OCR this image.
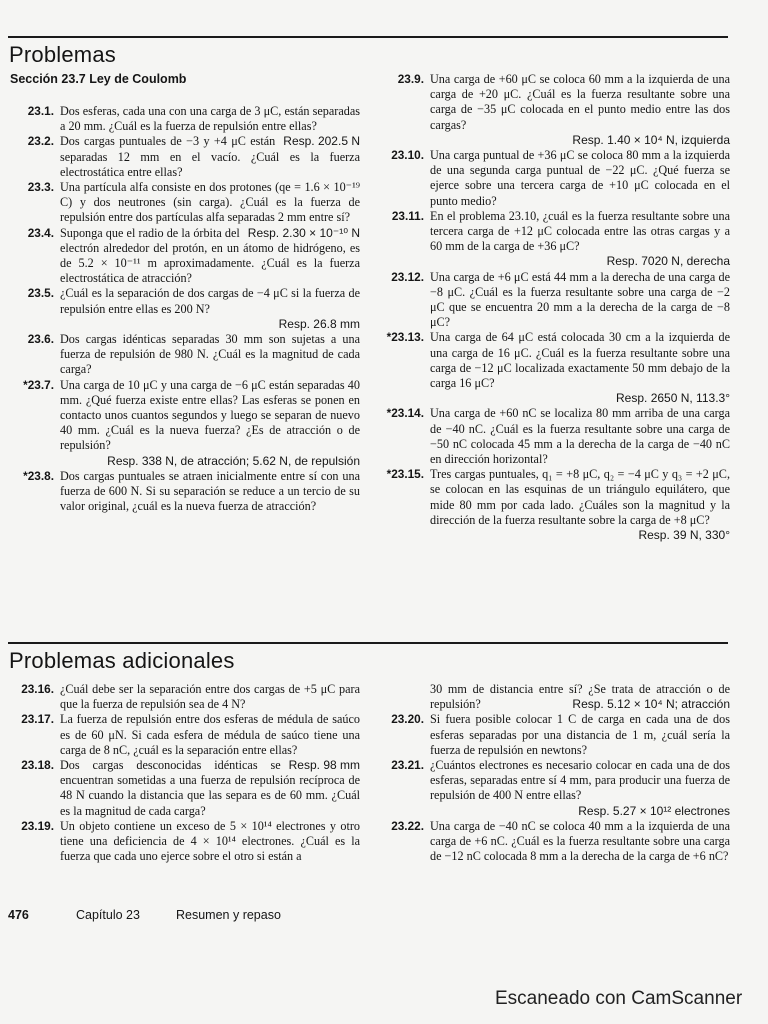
Problemas
Sección 23.7 Ley de Coulomb
23.1. Dos esferas, cada una con una carga de 3 μC, están separadas a 20 mm. ¿Cuál es la fuerza de repulsión entre ellas?
Resp. 202.5 N
23.2. Dos cargas puntuales de −3 y +4 μC están separadas 12 mm en el vacío. ¿Cuál es la fuerza electrostática entre ellas?
23.3. Una partícula alfa consiste en dos protones (qe = 1.6 × 10⁻¹⁹ C) y dos neutrones (sin carga). ¿Cuál es la fuerza de repulsión entre dos partículas alfa separadas 2 mm entre sí?
Resp. 2.30 × 10⁻¹⁰ N
23.4. Suponga que el radio de la órbita del electrón alrededor del protón, en un átomo de hidrógeno, es de 5.2 × 10⁻¹¹ m aproximadamente. ¿Cuál es la fuerza electrostática de atracción?
23.5. ¿Cuál es la separación de dos cargas de −4 μC si la fuerza de repulsión entre ellas es 200 N?
Resp. 26.8 mm
23.6. Dos cargas idénticas separadas 30 mm son sujetas a una fuerza de repulsión de 980 N. ¿Cuál es la magnitud de cada carga?
*23.7. Una carga de 10 μC y una carga de −6 μC están separadas 40 mm. ¿Qué fuerza existe entre ellas? Las esferas se ponen en contacto unos cuantos segundos y luego se separan de nuevo 40 mm. ¿Cuál es la nueva fuerza? ¿Es de atracción o de repulsión?
Resp. 338 N, de atracción; 5.62 N, de repulsión
*23.8. Dos cargas puntuales se atraen inicialmente entre sí con una fuerza de 600 N. Si su separación se reduce a un tercio de su valor original, ¿cuál es la nueva fuerza de atracción?
23.9. Una carga de +60 μC se coloca 60 mm a la izquierda de una carga de +20 μC. ¿Cuál es la fuerza resultante sobre una carga de −35 μC colocada en el punto medio entre las dos cargas?
Resp. 1.40 × 10⁴ N, izquierda
23.10. Una carga puntual de +36 μC se coloca 80 mm a la izquierda de una segunda carga puntual de −22 μC. ¿Qué fuerza se ejerce sobre una tercera carga de +10 μC colocada en el punto medio?
23.11. En el problema 23.10, ¿cuál es la fuerza resultante sobre una tercera carga de +12 μC colocada entre las otras cargas y a 60 mm de la carga de +36 μC?
Resp. 7020 N, derecha
23.12. Una carga de +6 μC está 44 mm a la derecha de una carga de −8 μC. ¿Cuál es la fuerza resultante sobre una carga de −2 μC que se encuentra 20 mm a la derecha de la carga de −8 μC?
*23.13. Una carga de 64 μC está colocada 30 cm a la izquierda de una carga de 16 μC. ¿Cuál es la fuerza resultante sobre una carga de −12 μC localizada exactamente 50 mm debajo de la carga 16 μC?
Resp. 2650 N, 113.3°
*23.14. Una carga de +60 nC se localiza 80 mm arriba de una carga de −40 nC. ¿Cuál es la fuerza resultante sobre una carga de −50 nC colocada 45 mm a la derecha de la carga de −40 nC en dirección horizontal?
*23.15. Tres cargas puntuales, q₁ = +8 μC, q₂ = −4 μC y q₃ = +2 μC, se colocan en las esquinas de un triángulo equilátero, que mide 80 mm por cada lado. ¿Cuáles son la magnitud y la dirección de la fuerza resultante sobre la carga de +8 μC?
Resp. 39 N, 330°
Problemas adicionales
23.16. ¿Cuál debe ser la separación entre dos cargas de +5 μC para que la fuerza de repulsión sea de 4 N?
23.17. La fuerza de repulsión entre dos esferas de médula de saúco es de 60 μN. Si cada esfera de médula de saúco tiene una carga de 8 nC, ¿cuál es la separación entre ellas?
Resp. 98 mm
23.18. Dos cargas desconocidas idénticas se encuentran sometidas a una fuerza de repulsión recíproca de 48 N cuando la distancia que las separa es de 60 mm. ¿Cuál es la magnitud de cada carga?
23.19. Un objeto contiene un exceso de 5 × 10¹⁴ electrones y otro tiene una deficiencia de 4 × 10¹⁴ electrones. ¿Cuál es la fuerza que cada uno ejerce sobre el otro si están a
30 mm de distancia entre sí? ¿Se trata de atracción o de repulsión?	Resp. 5.12 × 10⁴ N; atracción
23.20. Si fuera posible colocar 1 C de carga en cada una de dos esferas separadas por una distancia de 1 m, ¿cuál sería la fuerza de repulsión en newtons?
23.21. ¿Cuántos electrones es necesario colocar en cada una de dos esferas, separadas entre sí 4 mm, para producir una fuerza de repulsión de 400 N entre ellas?
Resp. 5.27 × 10¹² electrones
23.22. Una carga de −40 nC se coloca 40 mm a la izquierda de una carga de +6 nC. ¿Cuál es la fuerza resultante sobre una carga de −12 nC colocada 8 mm a la derecha de la carga de +6 nC?
476	Capítulo 23	Resumen y repaso
Escaneado con CamScanner
